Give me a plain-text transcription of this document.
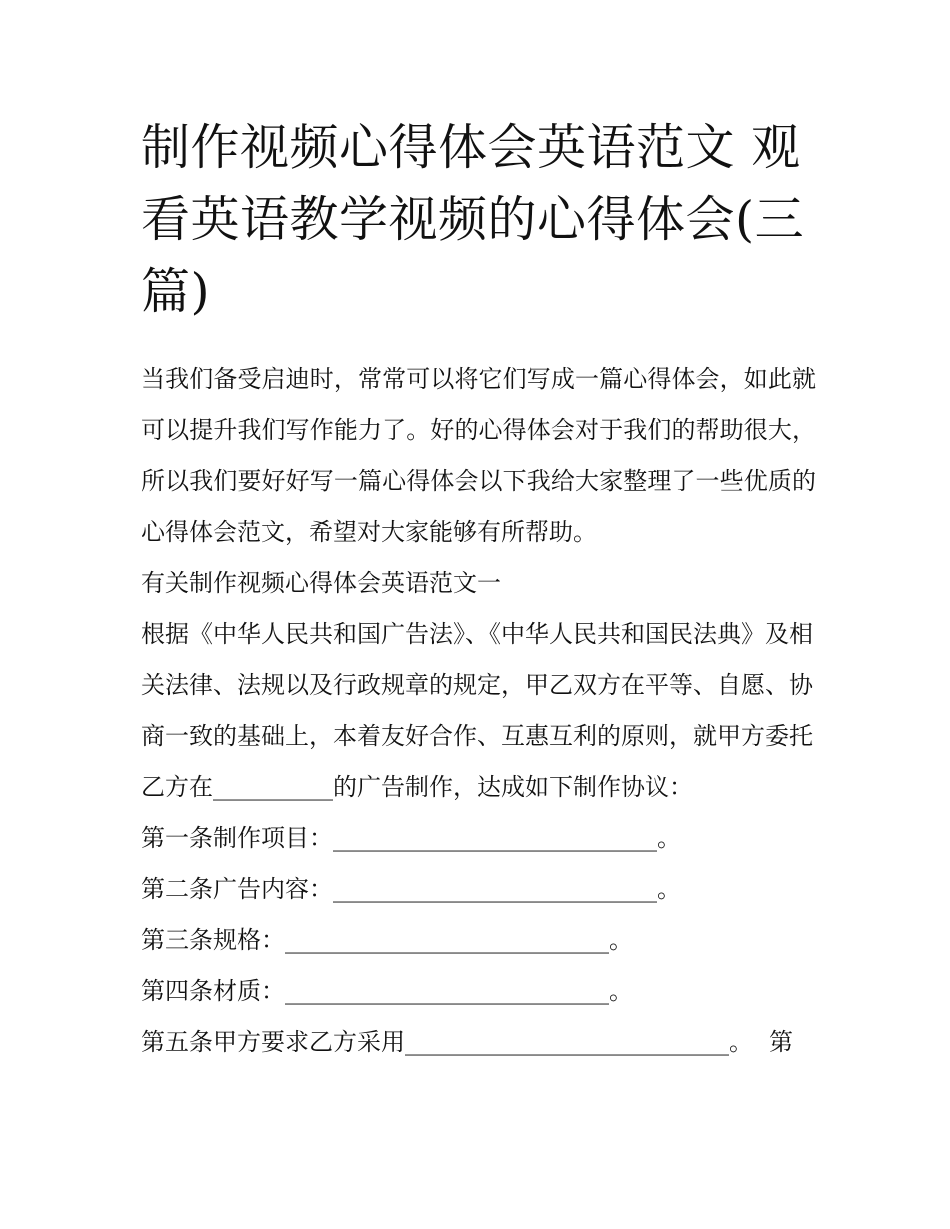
制作视频心得体会英语范文 观看英语教学视频的心得体会(三篇)

当我们备受启迪时，常常可以将它们写成一篇心得体会，如此就可以提升我们写作能力了。好的心得体会对于我们的帮助很大，所以我们要好好写一篇心得体会以下我给大家整理了一些优质的心得体会范文，希望对大家能够有所帮助。

有关制作视频心得体会英语范文一

根据《中华人民共和国广告法》、《中华人民共和国民法典》及相关法律、法规以及行政规章的规定，甲乙双方在平等、自愿、协商一致的基础上，本着友好合作、互惠互利的原则，就甲方委托乙方在__________的广告制作，达成如下制作协议：

第一条制作项目：___________________________。

第二条广告内容：___________________________。

第三条规格：___________________________。

第四条材质：___________________________。

第五条甲方要求乙方采用___________________________。 第
